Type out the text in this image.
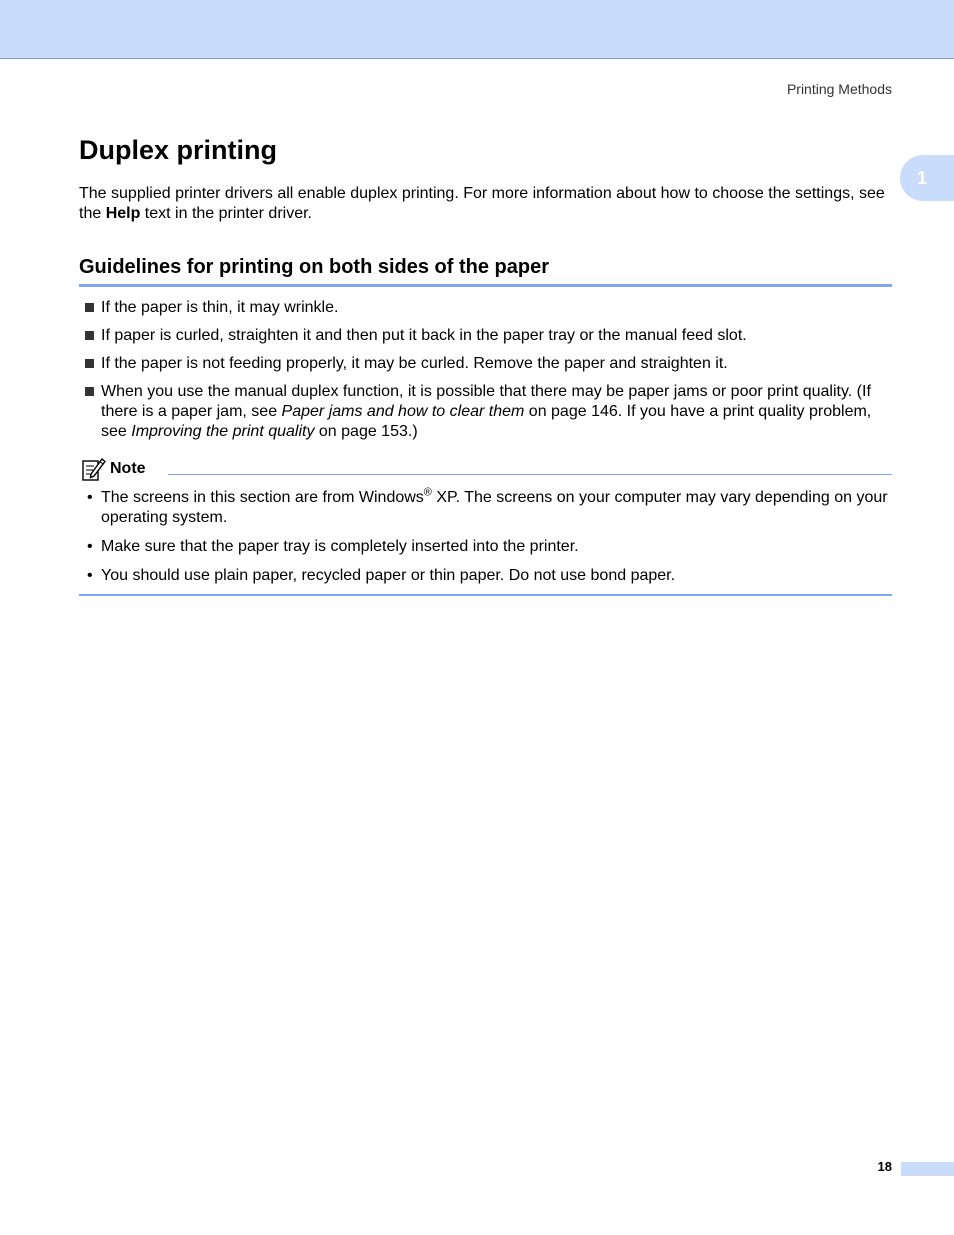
Printing Methods
1
Duplex printing

The supplied printer drivers all enable duplex printing. For more information about how to choose the settings, see the Help text in the printer driver.

Guidelines for printing on both sides of the paper
If the paper is thin, it may wrinkle.
If paper is curled, straighten it and then put it back in the paper tray or the manual feed slot.
If the paper is not feeding properly, it may be curled. Remove the paper and straighten it.
When you use the manual duplex function, it is possible that there may be paper jams or poor print quality. (If there is a paper jam, see Paper jams and how to clear them on page 146. If you have a print quality problem, see Improving the print quality on page 153.)
Note
• The screens in this section are from Windows® XP. The screens on your computer may vary depending on your operating system.
• Make sure that the paper tray is completely inserted into the printer.
• You should use plain paper, recycled paper or thin paper. Do not use bond paper.
18
